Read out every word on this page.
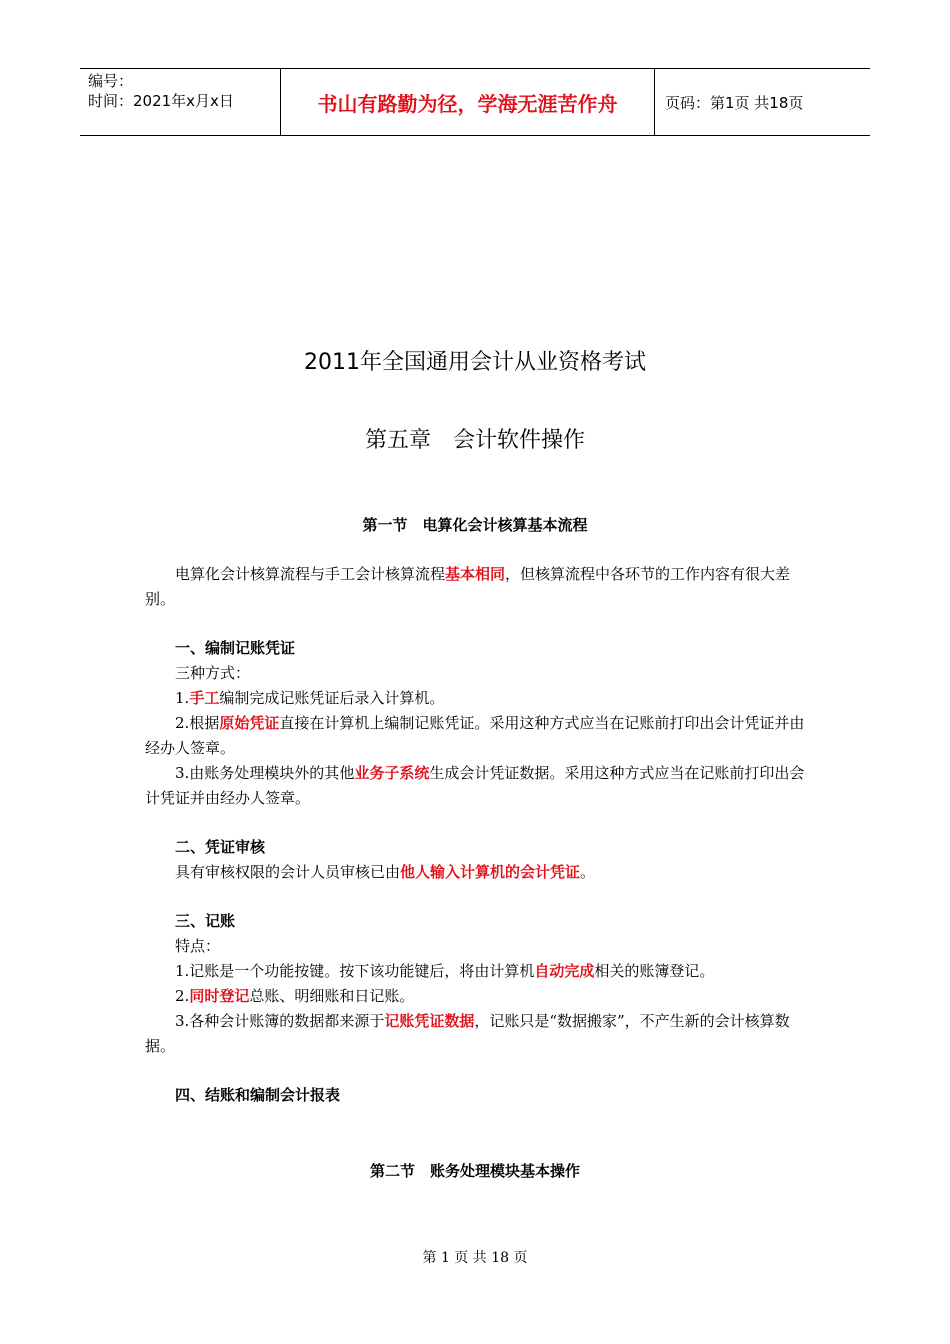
编号：
时间：2021年x月x日	书山有路勤为径，学海无涯苦作舟	页码：第1页 共18页
2011年全国通用会计从业资格考试
第五章　会计软件操作
第一节　电算化会计核算基本流程

电算化会计核算流程与手工会计核算流程基本相同，但核算流程中各环节的工作内容有很大差别。

一、编制记账凭证

三种方式：

1.手工编制完成记账凭证后录入计算机。

2.根据原始凭证直接在计算机上编制记账凭证。采用这种方式应当在记账前打印出会计凭证并由经办人签章。

3.由账务处理模块外的其他业务子系统生成会计凭证数据。采用这种方式应当在记账前打印出会计凭证并由经办人签章。

二、凭证审核

具有审核权限的会计人员审核已由他人输入计算机的会计凭证。

三、记账

特点：

1.记账是一个功能按键。按下该功能键后，将由计算机自动完成相关的账簿登记。

2.同时登记总账、明细账和日记账。

3.各种会计账簿的数据都来源于记账凭证数据，记账只是“数据搬家”，不产生新的会计核算数据。

四、结账和编制会计报表

第二节　账务处理模块基本操作
第 1 页 共 18 页
